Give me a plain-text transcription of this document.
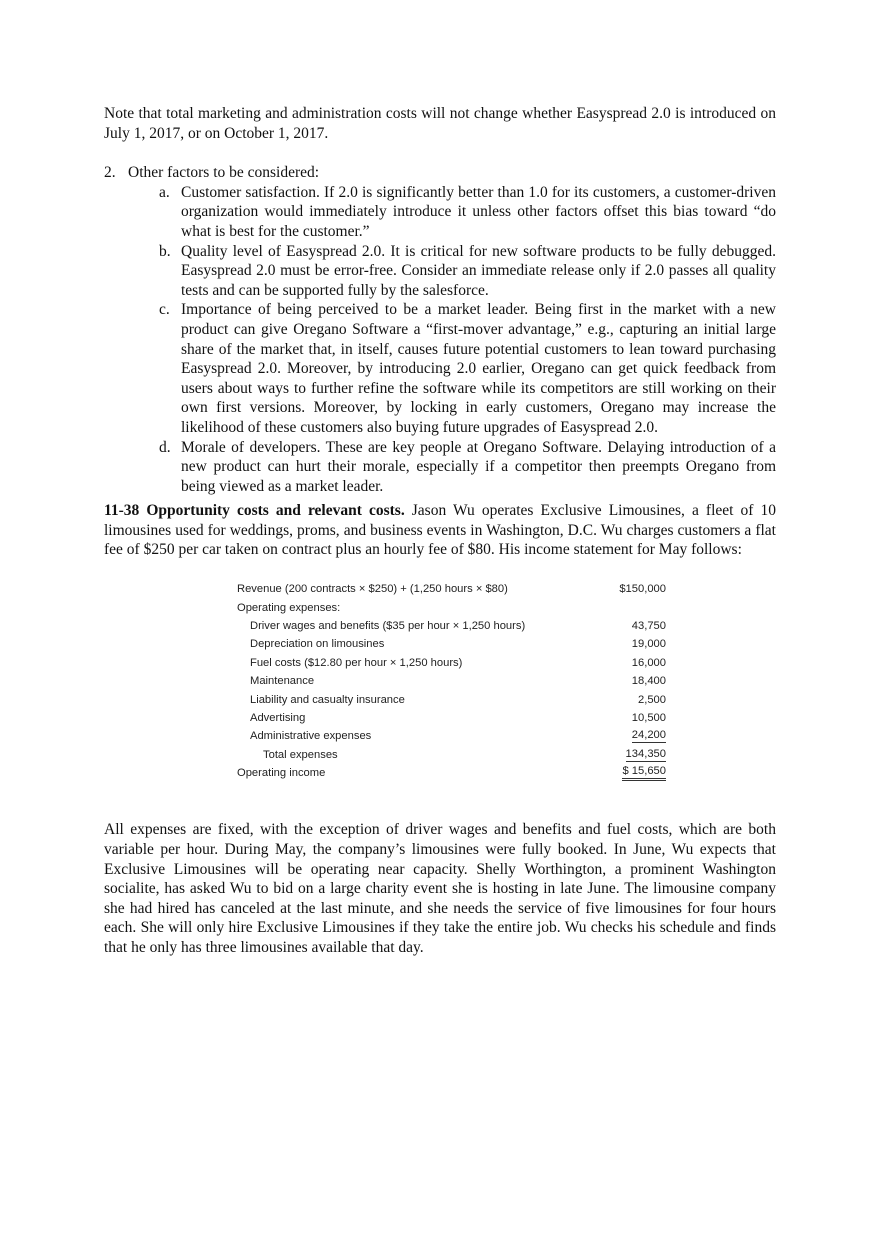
Note that total marketing and administration costs will not change whether Easyspread 2.0 is introduced on July 1, 2017, or on October 1, 2017.

2. Other factors to be considered:

a. Customer satisfaction. If 2.0 is significantly better than 1.0 for its customers, a customer-driven organization would immediately introduce it unless other factors offset this bias toward “do what is best for the customer.”
b. Quality level of Easyspread 2.0. It is critical for new software products to be fully debugged. Easyspread 2.0 must be error-free. Consider an immediate release only if 2.0 passes all quality tests and can be supported fully by the salesforce.
c. Importance of being perceived to be a market leader. Being first in the market with a new product can give Oregano Software a “first-mover advantage,” e.g., capturing an initial large share of the market that, in itself, causes future potential customers to lean toward purchasing Easyspread 2.0. Moreover, by introducing 2.0 earlier, Oregano can get quick feedback from users about ways to further refine the software while its competitors are still working on their own first versions. Moreover, by locking in early customers, Oregano may increase the likelihood of these customers also buying future upgrades of Easyspread 2.0.
d. Morale of developers. These are key people at Oregano Software. Delaying introduction of a new product can hurt their morale, especially if a competitor then preempts Oregano from being viewed as a market leader.

11-38 Opportunity costs and relevant costs. Jason Wu operates Exclusive Limousines, a fleet of 10 limousines used for weddings, proms, and business events in Washington, D.C. Wu charges customers a flat fee of $250 per car taken on contract plus an hourly fee of $80. His income statement for May follows:

Revenue (200 contracts × $250) + (1,250 hours × $80)	$150,000
Operating expenses:	
Driver wages and benefits ($35 per hour × 1,250 hours)	43,750
Depreciation on limousines	19,000
Fuel costs ($12.80 per hour × 1,250 hours)	16,000
Maintenance	18,400
Liability and casualty insurance	2,500
Advertising	10,500
Administrative expenses	24,200
Total expenses	134,350
Operating income	$ 15,650

All expenses are fixed, with the exception of driver wages and benefits and fuel costs, which are both variable per hour. During May, the company’s limousines were fully booked. In June, Wu expects that Exclusive Limousines will be operating near capacity. Shelly Worthington, a prominent Washington socialite, has asked Wu to bid on a large charity event she is hosting in late June. The limousine company she had hired has canceled at the last minute, and she needs the service of five limousines for four hours each. She will only hire Exclusive Limousines if they take the entire job. Wu checks his schedule and finds that he only has three limousines available that day.
